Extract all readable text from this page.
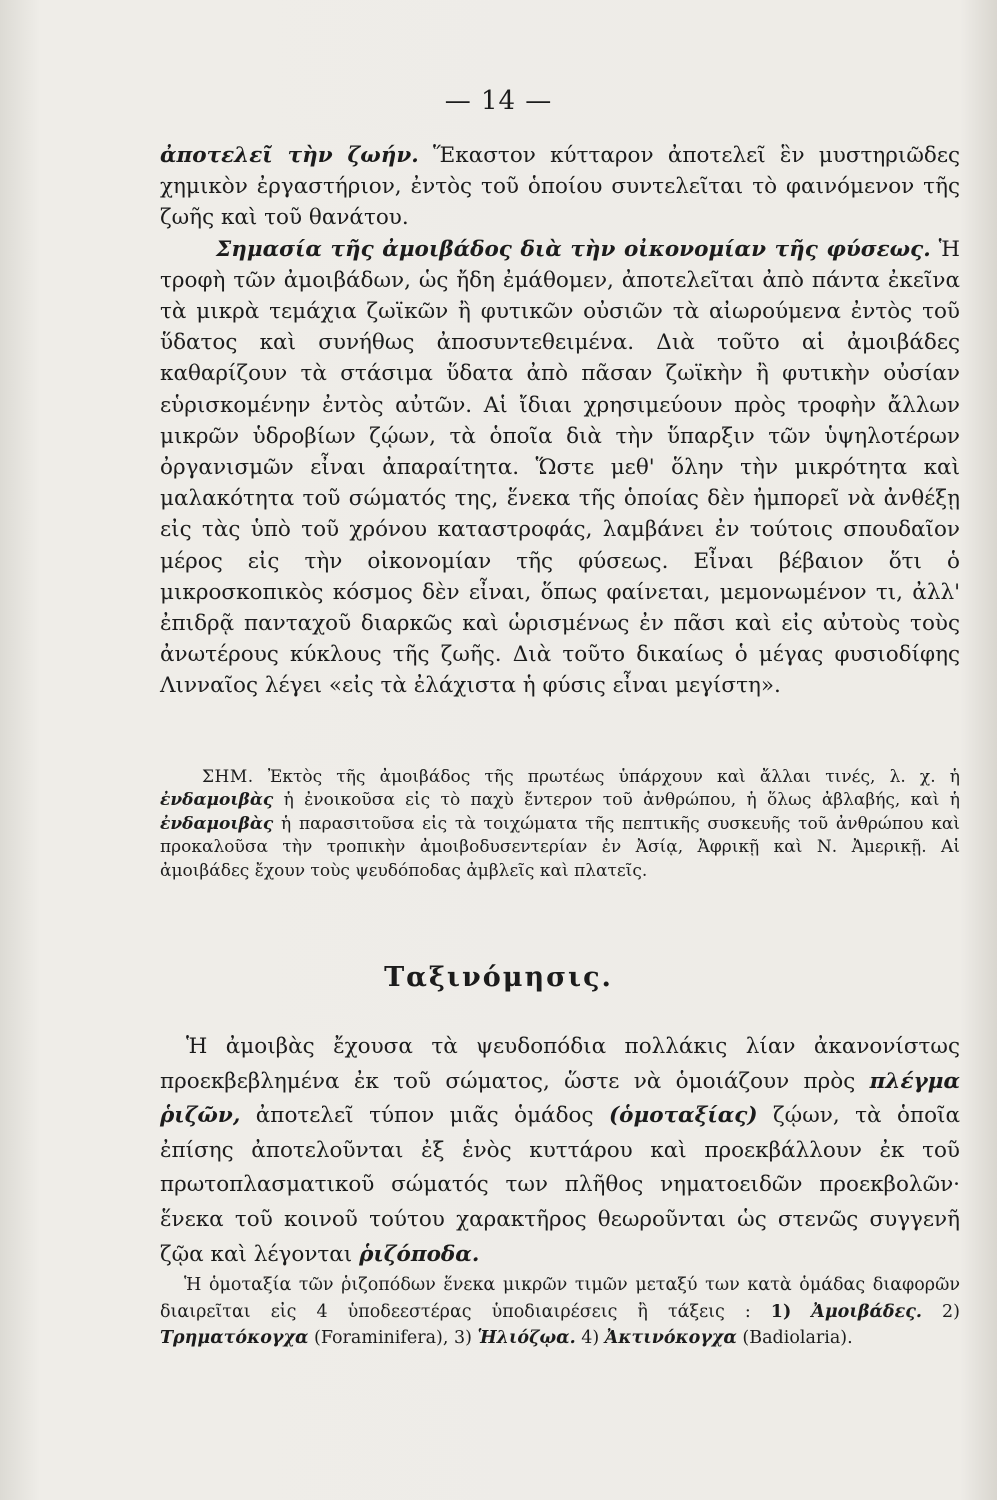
— 14 —
ἀποτελεῖ τὴν ζωήν. Ἕκαστον κύτταρον ἀποτελεῖ ἓν μυστηριῶδες χημικὸν ἐργαστήριον, ἐντὸς τοῦ ὁποίου συντελεῖται τὸ φαινόμενον τῆς ζωῆς καὶ τοῦ θανάτου.
Σημασία τῆς ἀμοιβάδος διὰ τὴν οἰκονομίαν τῆς φύσεως. Ἡ τροφὴ τῶν ἀμοιβάδων, ὡς ἤδη ἐμάθομεν, ἀποτελεῖται ἀπὸ πάντα ἐκεῖνα τὰ μικρὰ τεμάχια ζωϊκῶν ἢ φυτικῶν οὐσιῶν τὰ αἰωρούμενα ἐντὸς τοῦ ὕδατος καὶ συνήθως ἀποσυντεθειμένα. Διὰ τοῦτο αἱ ἀμοιβάδες καθαρίζουν τὰ στάσιμα ὕδατα ἀπὸ πᾶσαν ζωϊκὴν ἢ φυτικὴν οὐσίαν εὑρισκομένην ἐντὸς αὐτῶν. Αἱ ἴδιαι χρησιμεύουν πρὸς τροφὴν ἄλλων μικρῶν ὑδροβίων ζῴων, τὰ ὁποῖα διὰ τὴν ὕπαρξιν τῶν ὑψηλοτέρων ὀργανισμῶν εἶναι ἀπαραίτητα. Ὥστε μεθ' ὅλην τὴν μικρότητα καὶ μαλακότητα τοῦ σώματός της, ἕνεκα τῆς ὁποίας δὲν ἠμπορεῖ νὰ ἀνθέξῃ εἰς τὰς ὑπὸ τοῦ χρόνου καταστροφάς, λαμβάνει ἐν τούτοις σπουδαῖον μέρος εἰς τὴν οἰκονομίαν τῆς φύσεως. Εἶναι βέβαιον ὅτι ὁ μικροσκοπικὸς κόσμος δὲν εἶναι, ὅπως φαίνεται, μεμονωμένον τι, ἀλλ' ἐπιδρᾷ πανταχοῦ διαρκῶς καὶ ὡρισμένως ἐν πᾶσι καὶ εἰς αὐτοὺς τοὺς ἀνωτέρους κύκλους τῆς ζωῆς. Διὰ τοῦτο δικαίως ὁ μέγας φυσιοδίφης Λινναῖος λέγει «εἰς τὰ ἐλάχιστα ἡ φύσις εἶναι μεγίστη».
ΣΗΜ. Ἐκτὸς τῆς ἀμοιβάδος τῆς πρωτέως ὑπάρχουν καὶ ἄλλαι τινές, λ. χ. ἡ ἐνδαμοιβὰς ἡ ἐνοικοῦσα εἰς τὸ παχὺ ἔντερον τοῦ ἀνθρώπου, ἡ ὅλως ἀβλαβής, καὶ ἡ ἐνδαμοιβὰς ἡ παρασιτοῦσα εἰς τὰ τοιχώματα τῆς πεπτικῆς συσκευῆς τοῦ ἀνθρώπου καὶ προκαλοῦσα τὴν τροπικὴν ἀμοιβοδυσεντερίαν ἐν Ἀσίᾳ, Ἀφρικῇ καὶ Ν. Ἀμερικῇ. Αἱ ἀμοιβάδες ἔχουν τοὺς ψευδόποδας ἀμβλεῖς καὶ πλατεῖς.
Ταξινόμησις.
Ἡ ἀμοιβὰς ἔχουσα τὰ ψευδοπόδια πολλάκις λίαν ἀκανονίστως προεκβεβλημένα ἐκ τοῦ σώματος, ὥστε νὰ ὁμοιάζουν πρὸς πλέγμα ῥιζῶν, ἀποτελεῖ τύπον μιᾶς ὁμάδος (ὁμοταξίας) ζῴων, τὰ ὁποῖα ἐπίσης ἀποτελοῦνται ἐξ ἑνὸς κυττάρου καὶ προεκβάλλουν ἐκ τοῦ πρωτοπλασματικοῦ σώματός των πλῆθος νηματοειδῶν προεκβολῶν· ἕνεκα τοῦ κοινοῦ τούτου χαρακτῆρος θεωροῦνται ὡς στενῶς συγγενῆ ζῷα καὶ λέγονται ῥιζόποδα.
Ἡ ὁμοταξία τῶν ῥιζοπόδων ἕνεκα μικρῶν τιμῶν μεταξύ των κατὰ ὁμάδας διαφορῶν διαιρεῖται εἰς 4 ὑποδεεστέρας ὑποδιαιρέσεις ἢ τάξεις : 1) Ἀμοιβάδες. 2) Τρηματόκογχα (Foraminifera), 3) Ἡλιόζῳα. 4) Ἀκτινόκογχα (Badiolaria).
